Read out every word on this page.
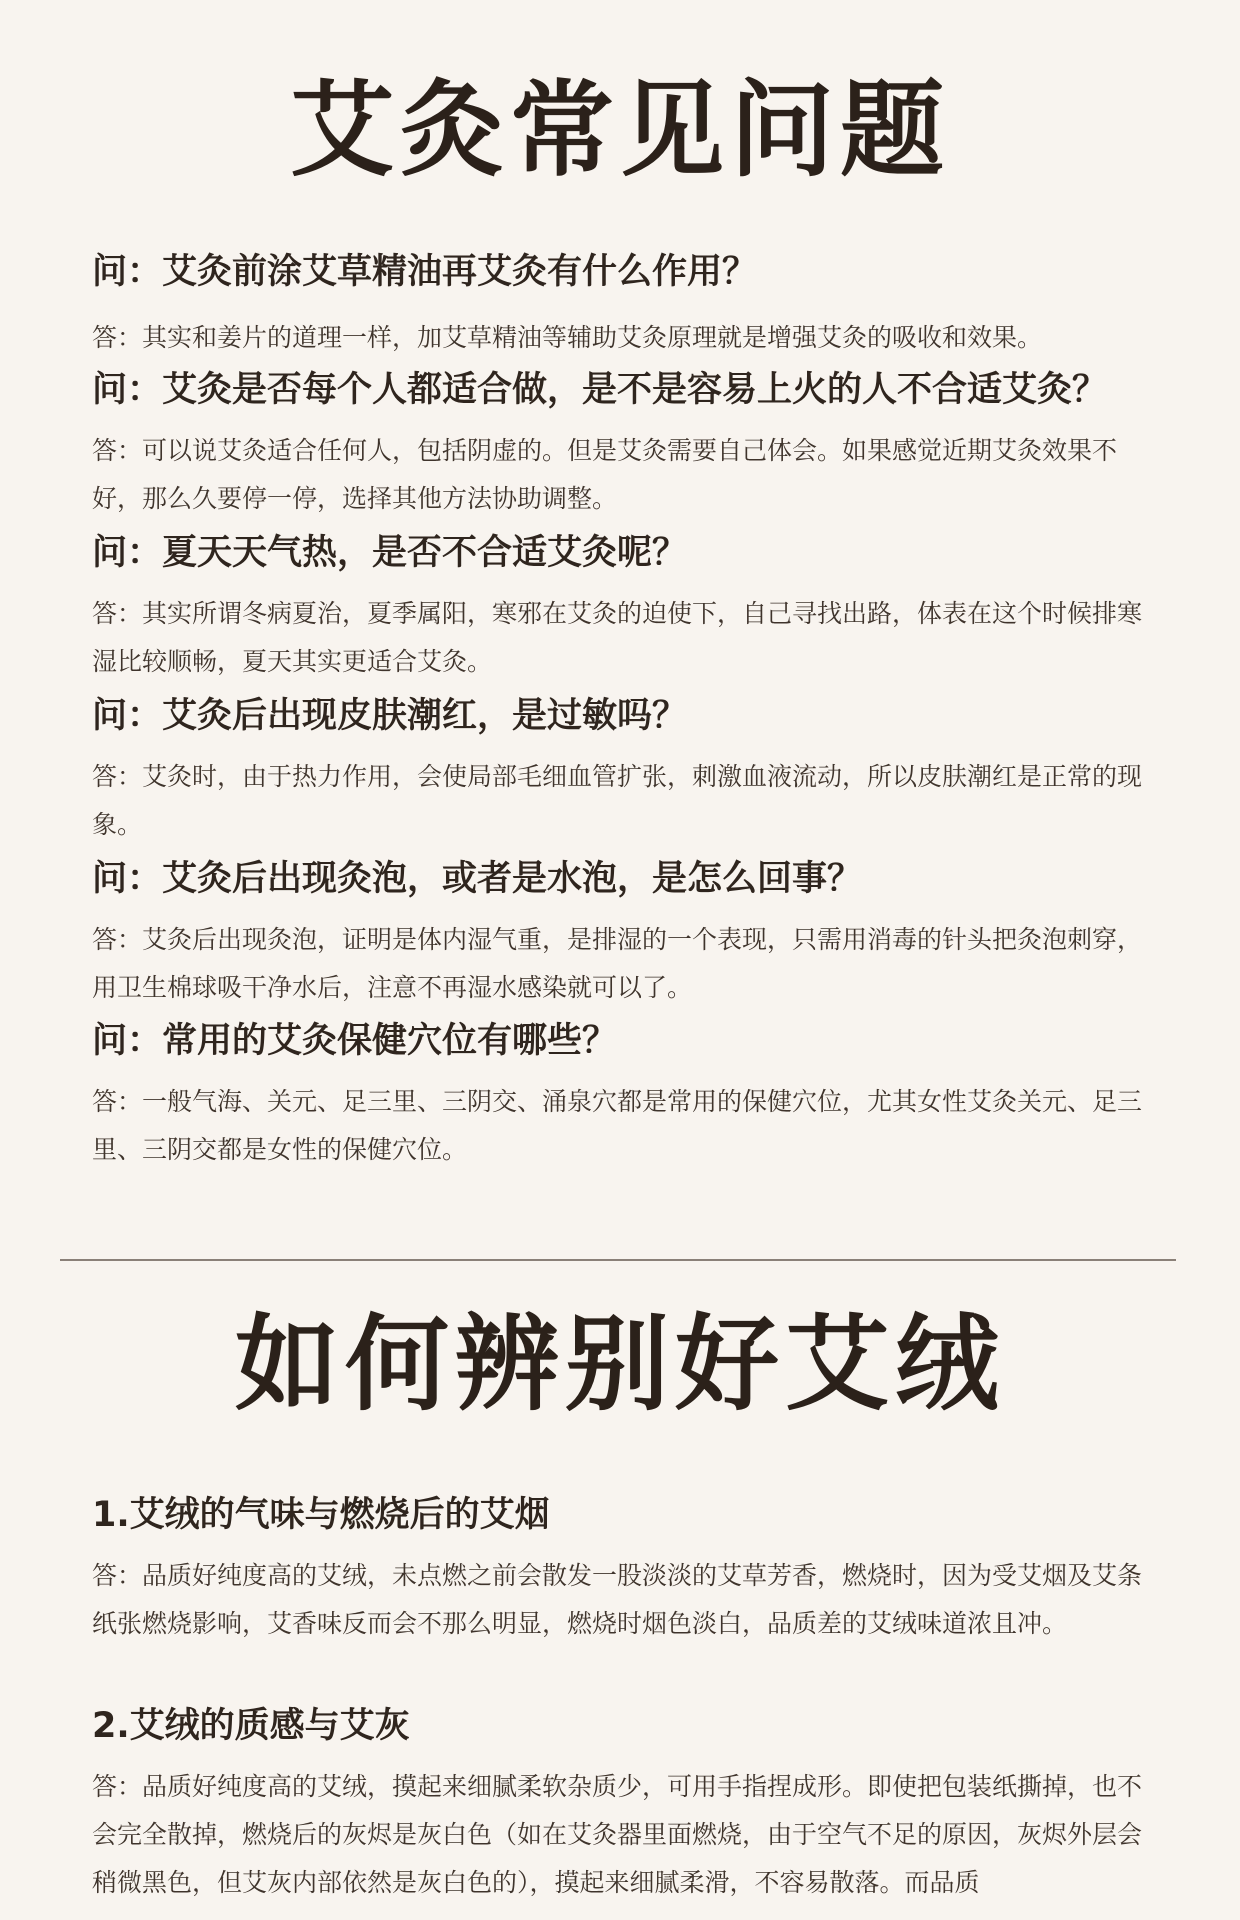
艾灸常见问题

问：艾灸前涂艾草精油再艾灸有什么作用？

答：其实和姜片的道理一样，加艾草精油等辅助艾灸原理就是增强艾灸的吸收和效果。

问：艾灸是否每个人都适合做，是不是容易上火的人不合适艾灸？

答：可以说艾灸适合任何人，包括阴虚的。但是艾灸需要自己体会。如果感觉近期艾灸效果不好，那么久要停一停，选择其他方法协助调整。

问：夏天天气热，是否不合适艾灸呢？

答：其实所谓冬病夏治，夏季属阳，寒邪在艾灸的迫使下，自己寻找出路，体表在这个时候排寒湿比较顺畅，夏天其实更适合艾灸。

问：艾灸后出现皮肤潮红，是过敏吗？

答：艾灸时，由于热力作用，会使局部毛细血管扩张，刺激血液流动，所以皮肤潮红是正常的现象。

问：艾灸后出现灸泡，或者是水泡，是怎么回事？

答：艾灸后出现灸泡，证明是体内湿气重，是排湿的一个表现，只需用消毒的针头把灸泡刺穿，用卫生棉球吸干净水后，注意不再湿水感染就可以了。

问：常用的艾灸保健穴位有哪些？

答：一般气海、关元、足三里、三阴交、涌泉穴都是常用的保健穴位，尤其女性艾灸关元、足三里、三阴交都是女性的保健穴位。

如何辨别好艾绒

1.艾绒的气味与燃烧后的艾烟

答：品质好纯度高的艾绒，未点燃之前会散发一股淡淡的艾草芳香，燃烧时，因为受艾烟及艾条纸张燃烧影响，艾香味反而会不那么明显，燃烧时烟色淡白，品质差的艾绒味道浓且冲。

2.艾绒的质感与艾灰

答：品质好纯度高的艾绒，摸起来细腻柔软杂质少，可用手指捏成形。即使把包装纸撕掉，也不会完全散掉，燃烧后的灰烬是灰白色（如在艾灸器里面燃烧，由于空气不足的原因，灰烬外层会稍微黑色，但艾灰内部依然是灰白色的），摸起来细腻柔滑，不容易散落。而品质
